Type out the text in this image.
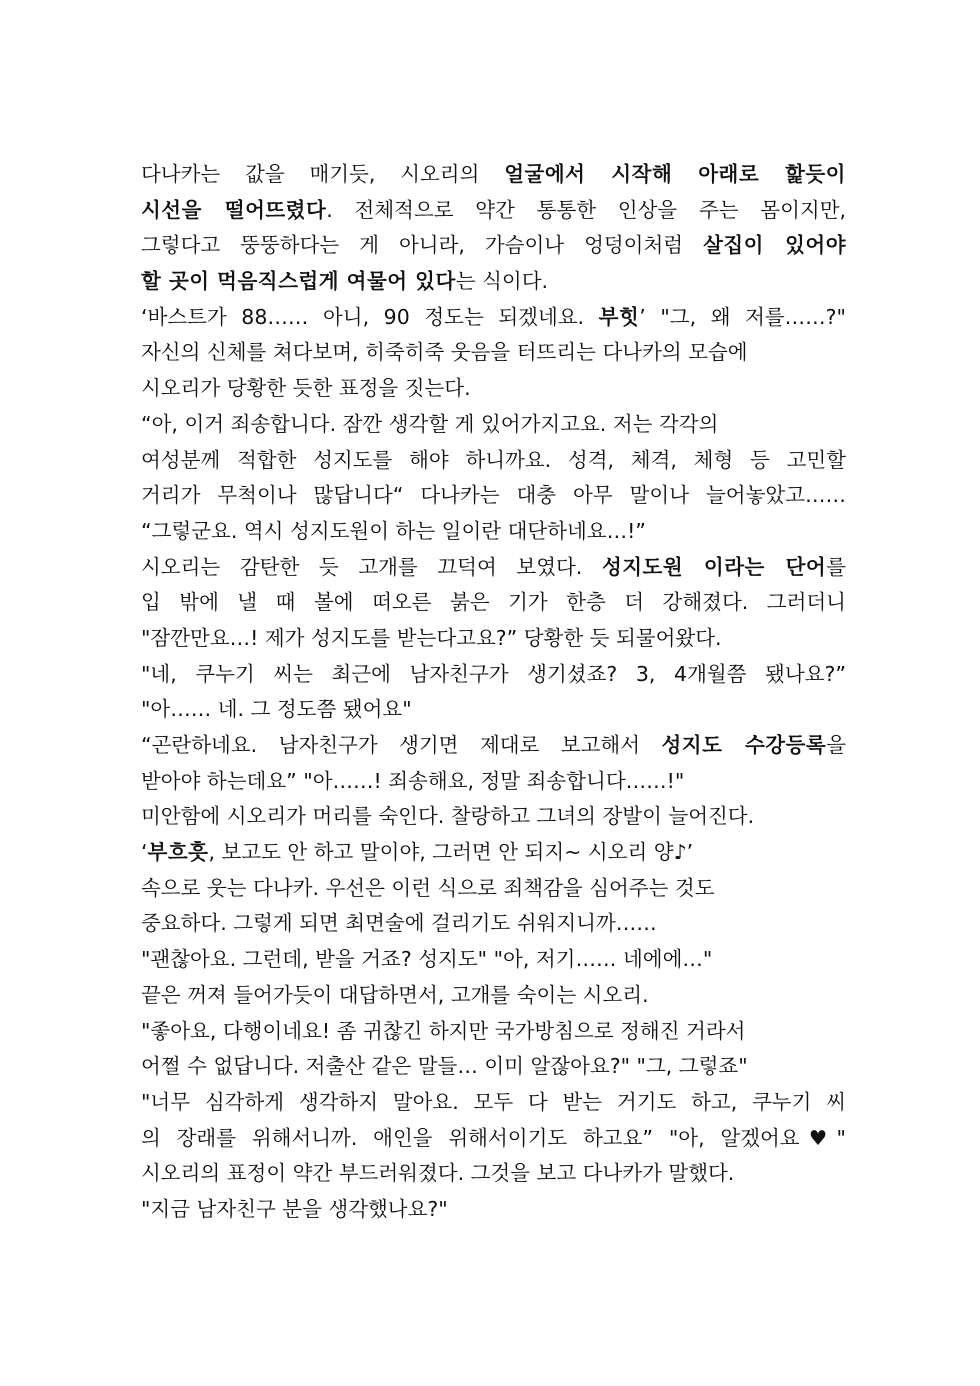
다나카는 값을 매기듯, 시오리의 얼굴에서 시작해 아래로 핥듯이
시선을 떨어뜨렸다. 전체적으로 약간 통통한 인상을 주는 몸이지만,
그렇다고 뚱뚱하다는 게 아니라, 가슴이나 엉덩이처럼 살집이 있어야
할 곳이 먹음직스럽게 여물어 있다는 식이다.
‘바스트가 88…… 아니, 90 정도는 되겠네요. 부힛’ "그, 왜 저를……?"
자신의 신체를 쳐다보며, 히죽히죽 웃음을 터뜨리는 다나카의 모습에
시오리가 당황한 듯한 표정을 짓는다.
“아, 이거 죄송합니다. 잠깐 생각할 게 있어가지고요. 저는 각각의
여성분께 적합한 성지도를 해야 하니까요. 성격, 체격, 체형 등 고민할
거리가 무척이나 많답니다“ 다나카는 대충 아무 말이나 늘어놓았고……
“그렇군요. 역시 성지도원이 하는 일이란 대단하네요…!”
시오리는 감탄한 듯 고개를 끄덕여 보였다. 성지도원 이라는 단어를
입 밖에 낼 때 볼에 떠오른 붉은 기가 한층 더 강해졌다. 그러더니
"잠깐만요…! 제가 성지도를 받는다고요?” 당황한 듯 되물어왔다.
"네, 쿠누기 씨는 최근에 남자친구가 생기셨죠? 3, 4개월쯤 됐나요?”
"아…… 네. 그 정도쯤 됐어요"
“곤란하네요. 남자친구가 생기면 제대로 보고해서 성지도 수강등록을
받아야 하는데요” "아……! 죄송해요, 정말 죄송합니다……!"
미안함에 시오리가 머리를 숙인다. 찰랑하고 그녀의 장발이 늘어진다.
‘부흐흣, 보고도 안 하고 말이야, 그러면 안 되지~ 시오리 양♪’
속으로 웃는 다나카. 우선은 이런 식으로 죄책감을 심어주는 것도
중요하다. 그렇게 되면 최면술에 걸리기도 쉬워지니까……
"괜찮아요. 그런데, 받을 거죠? 성지도" "아, 저기…… 네에에…"
끝은 꺼져 들어가듯이 대답하면서, 고개를 숙이는 시오리.
"좋아요, 다행이네요! 좀 귀찮긴 하지만 국가방침으로 정해진 거라서
어쩔 수 없답니다. 저출산 같은 말들… 이미 알잖아요?" "그, 그렇죠"
"너무 심각하게 생각하지 말아요. 모두 다 받는 거기도 하고, 쿠누기 씨
의 장래를 위해서니까. 애인을 위해서이기도 하고요” "아, 알겠어요♥"
시오리의 표정이 약간 부드러워졌다. 그것을 보고 다나카가 말했다.
"지금 남자친구 분을 생각했나요?"
